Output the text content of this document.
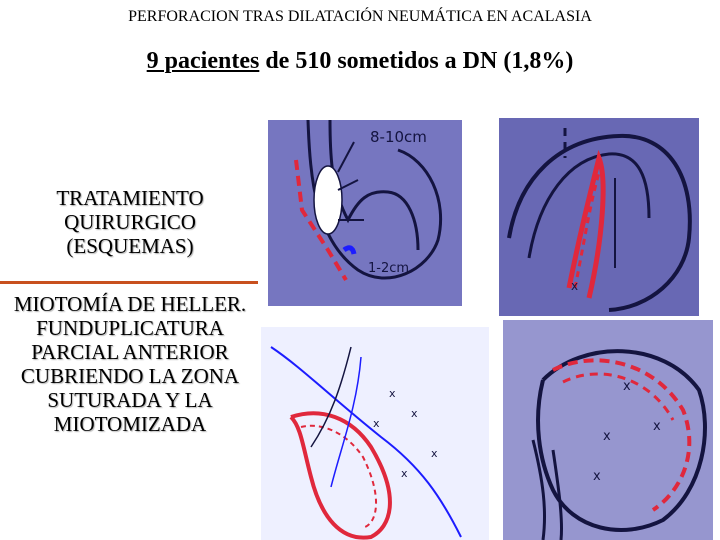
PERFORACION TRAS DILATACIÓN NEUMÁTICA EN ACALASIA
9 pacientes de 510 sometidos a DN (1,8%)
TRATAMIENTO QUIRURGICO (ESQUEMAS)
MIOTOMÍA DE HELLER. FUNDUPLICATURA PARCIAL ANTERIOR CUBRIENDO LA ZONA SUTURADA Y LA MIOTOMIZADA
8-10cm
1-2cm
x
x
x
x
x
x
x
x
x
x
